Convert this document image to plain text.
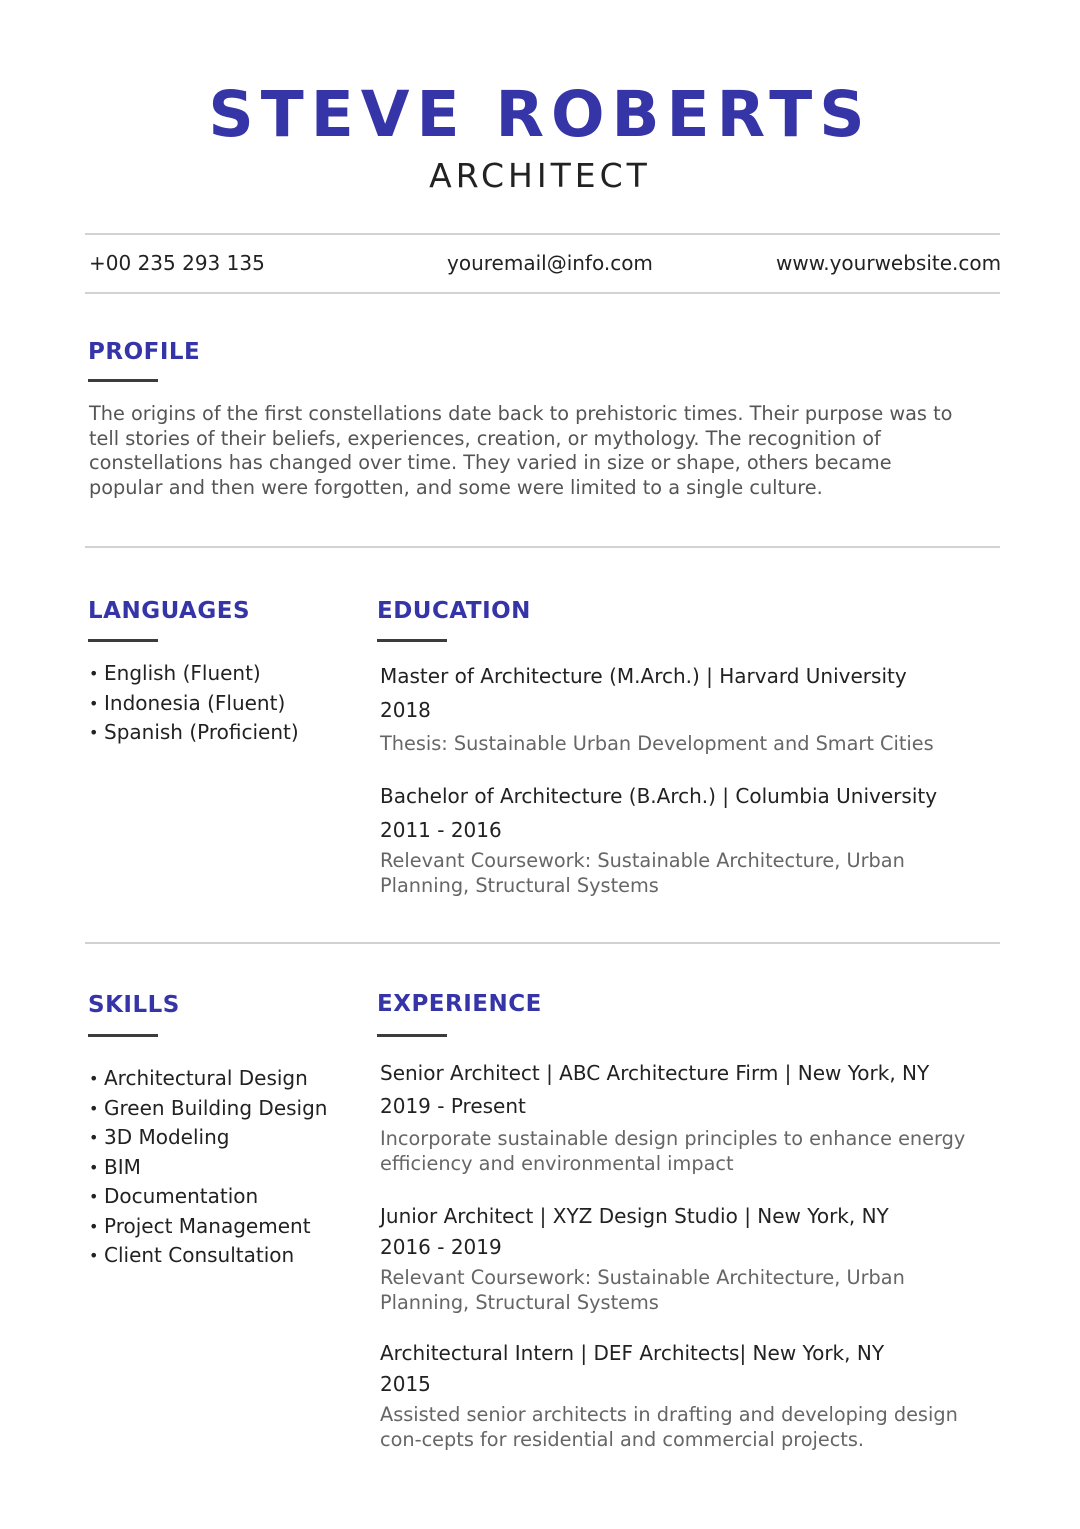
STEVE ROBERTS
ARCHITECT
+00 235 293 135	youremail@info.com	www.yourwebsite.com
PROFILE
The origins of the first constellations date back to prehistoric times. Their purpose was to tell stories of their beliefs, experiences, creation, or mythology. The recognition of constellations has changed over time. They varied in size or shape, others became popular and then were forgotten, and some were limited to a single culture.
LANGUAGES
• English (Fluent)
• Indonesia (Fluent)
• Spanish (Proficient)
EDUCATION
Master of Architecture (M.Arch.) | Harvard University
2018
Thesis: Sustainable Urban Development and Smart Cities
Bachelor of Architecture (B.Arch.) | Columbia University
2011 - 2016
Relevant Coursework: Sustainable Architecture, Urban Planning, Structural Systems
SKILLS
• Architectural Design
• Green Building Design
• 3D Modeling
• BIM
• Documentation
• Project Management
• Client Consultation
EXPERIENCE
Senior Architect | ABC Architecture Firm | New York, NY
2019 - Present
Incorporate sustainable design principles to enhance energy efficiency and environmental impact
Junior Architect | XYZ Design Studio | New York, NY
2016 - 2019
Relevant Coursework: Sustainable Architecture, Urban Planning, Structural Systems
Architectural Intern | DEF Architects| New York, NY
2015
Assisted senior architects in drafting and developing design con-cepts for residential and commercial projects.
